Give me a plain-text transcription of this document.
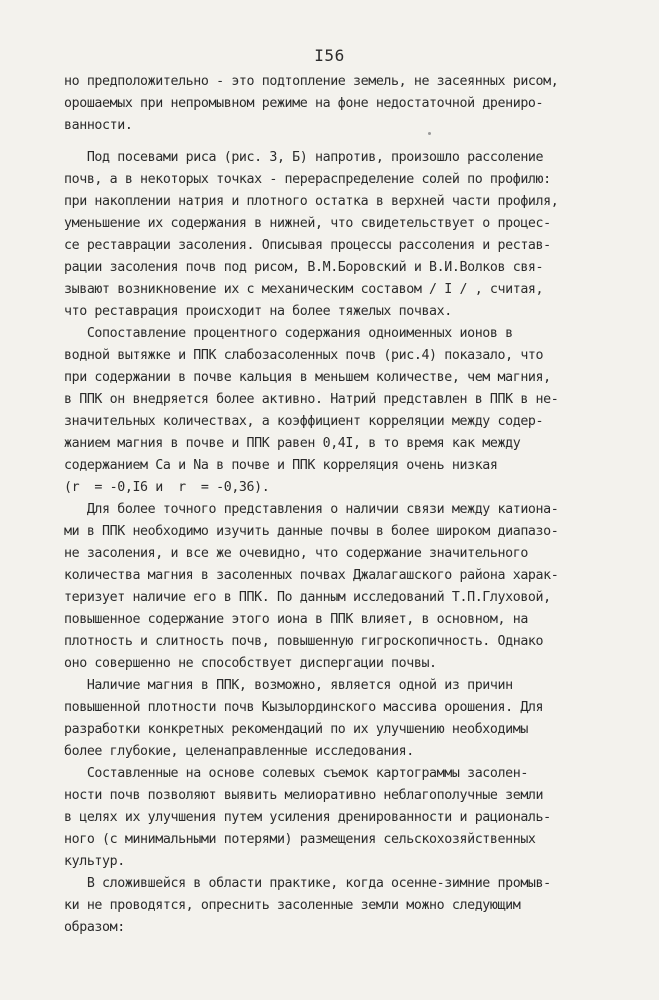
I56
но предположительно - это подтопление земель, не засеянных рисом,
орошаемых при непромывном режиме на фоне недостаточной дрениро-
ванности.
Под посевами риса (рис. 3, Б) напротив, произошло рассоление
почв, а в некоторых точках - перераспределение солей по профилю:
при накоплении натрия и плотного остатка в верхней части профиля,
уменьшение их содержания в нижней, что свидетельствует о процес-
се реставрации засоления. Описывая процессы рассоления и рестав-
рации засоления почв под рисом, В.М.Боровский и В.И.Волков свя-
зывают возникновение их с механическим составом / I / , считая,
что реставрация происходит на более тяжелых почвах.
Сопоставление процентного содержания одноименных ионов в
водной вытяжке и ППК слабозасоленных почв (рис.4) показало, что
при содержании в почве кальция в меньшем количестве, чем магния,
в ППК он внедряется более активно. Натрий представлен в ППК в не-
значительных количествах, а коэффициент корреляции между содер-
жанием магния в почве и ППК равен 0,4I, в то время как между
содержанием Са и Na в почве и ППК корреляция очень низкая
(r  = -0,I6 и  r  = -0,36).
Для более точного представления о наличии связи между катиона-
ми в ППК необходимо изучить данные почвы в более широком диапазо-
не засоления, и все же очевидно, что содержание значительного
количества магния в засоленных почвах Джалагашского района харак-
теризует наличие его в ППК. По данным исследований Т.П.Глуховой,
повышенное содержание этого иона в ППК влияет, в основном, на
плотность и слитность почв, повышенную гигроскопичность. Однако
оно совершенно не способствует диспергации почвы.
Наличие магния в ППК, возможно, является одной из причин
повышенной плотности почв Кызылординского массива орошения. Для
разработки конкретных рекомендаций по их улучшению необходимы
более глубокие, целенаправленные исследования.
Составленные на основе солевых съемок картограммы засолен-
ности почв позволяют выявить мелиоративно неблагополучные земли
в целях их улучшения путем усиления дренированности и рациональ-
ного (с минимальными потерями) размещения сельскохозяйственных
культур.
В сложившейся в области практике, когда осенне-зимние промыв-
ки не проводятся, опреснить засоленные земли можно следующим
образом:
